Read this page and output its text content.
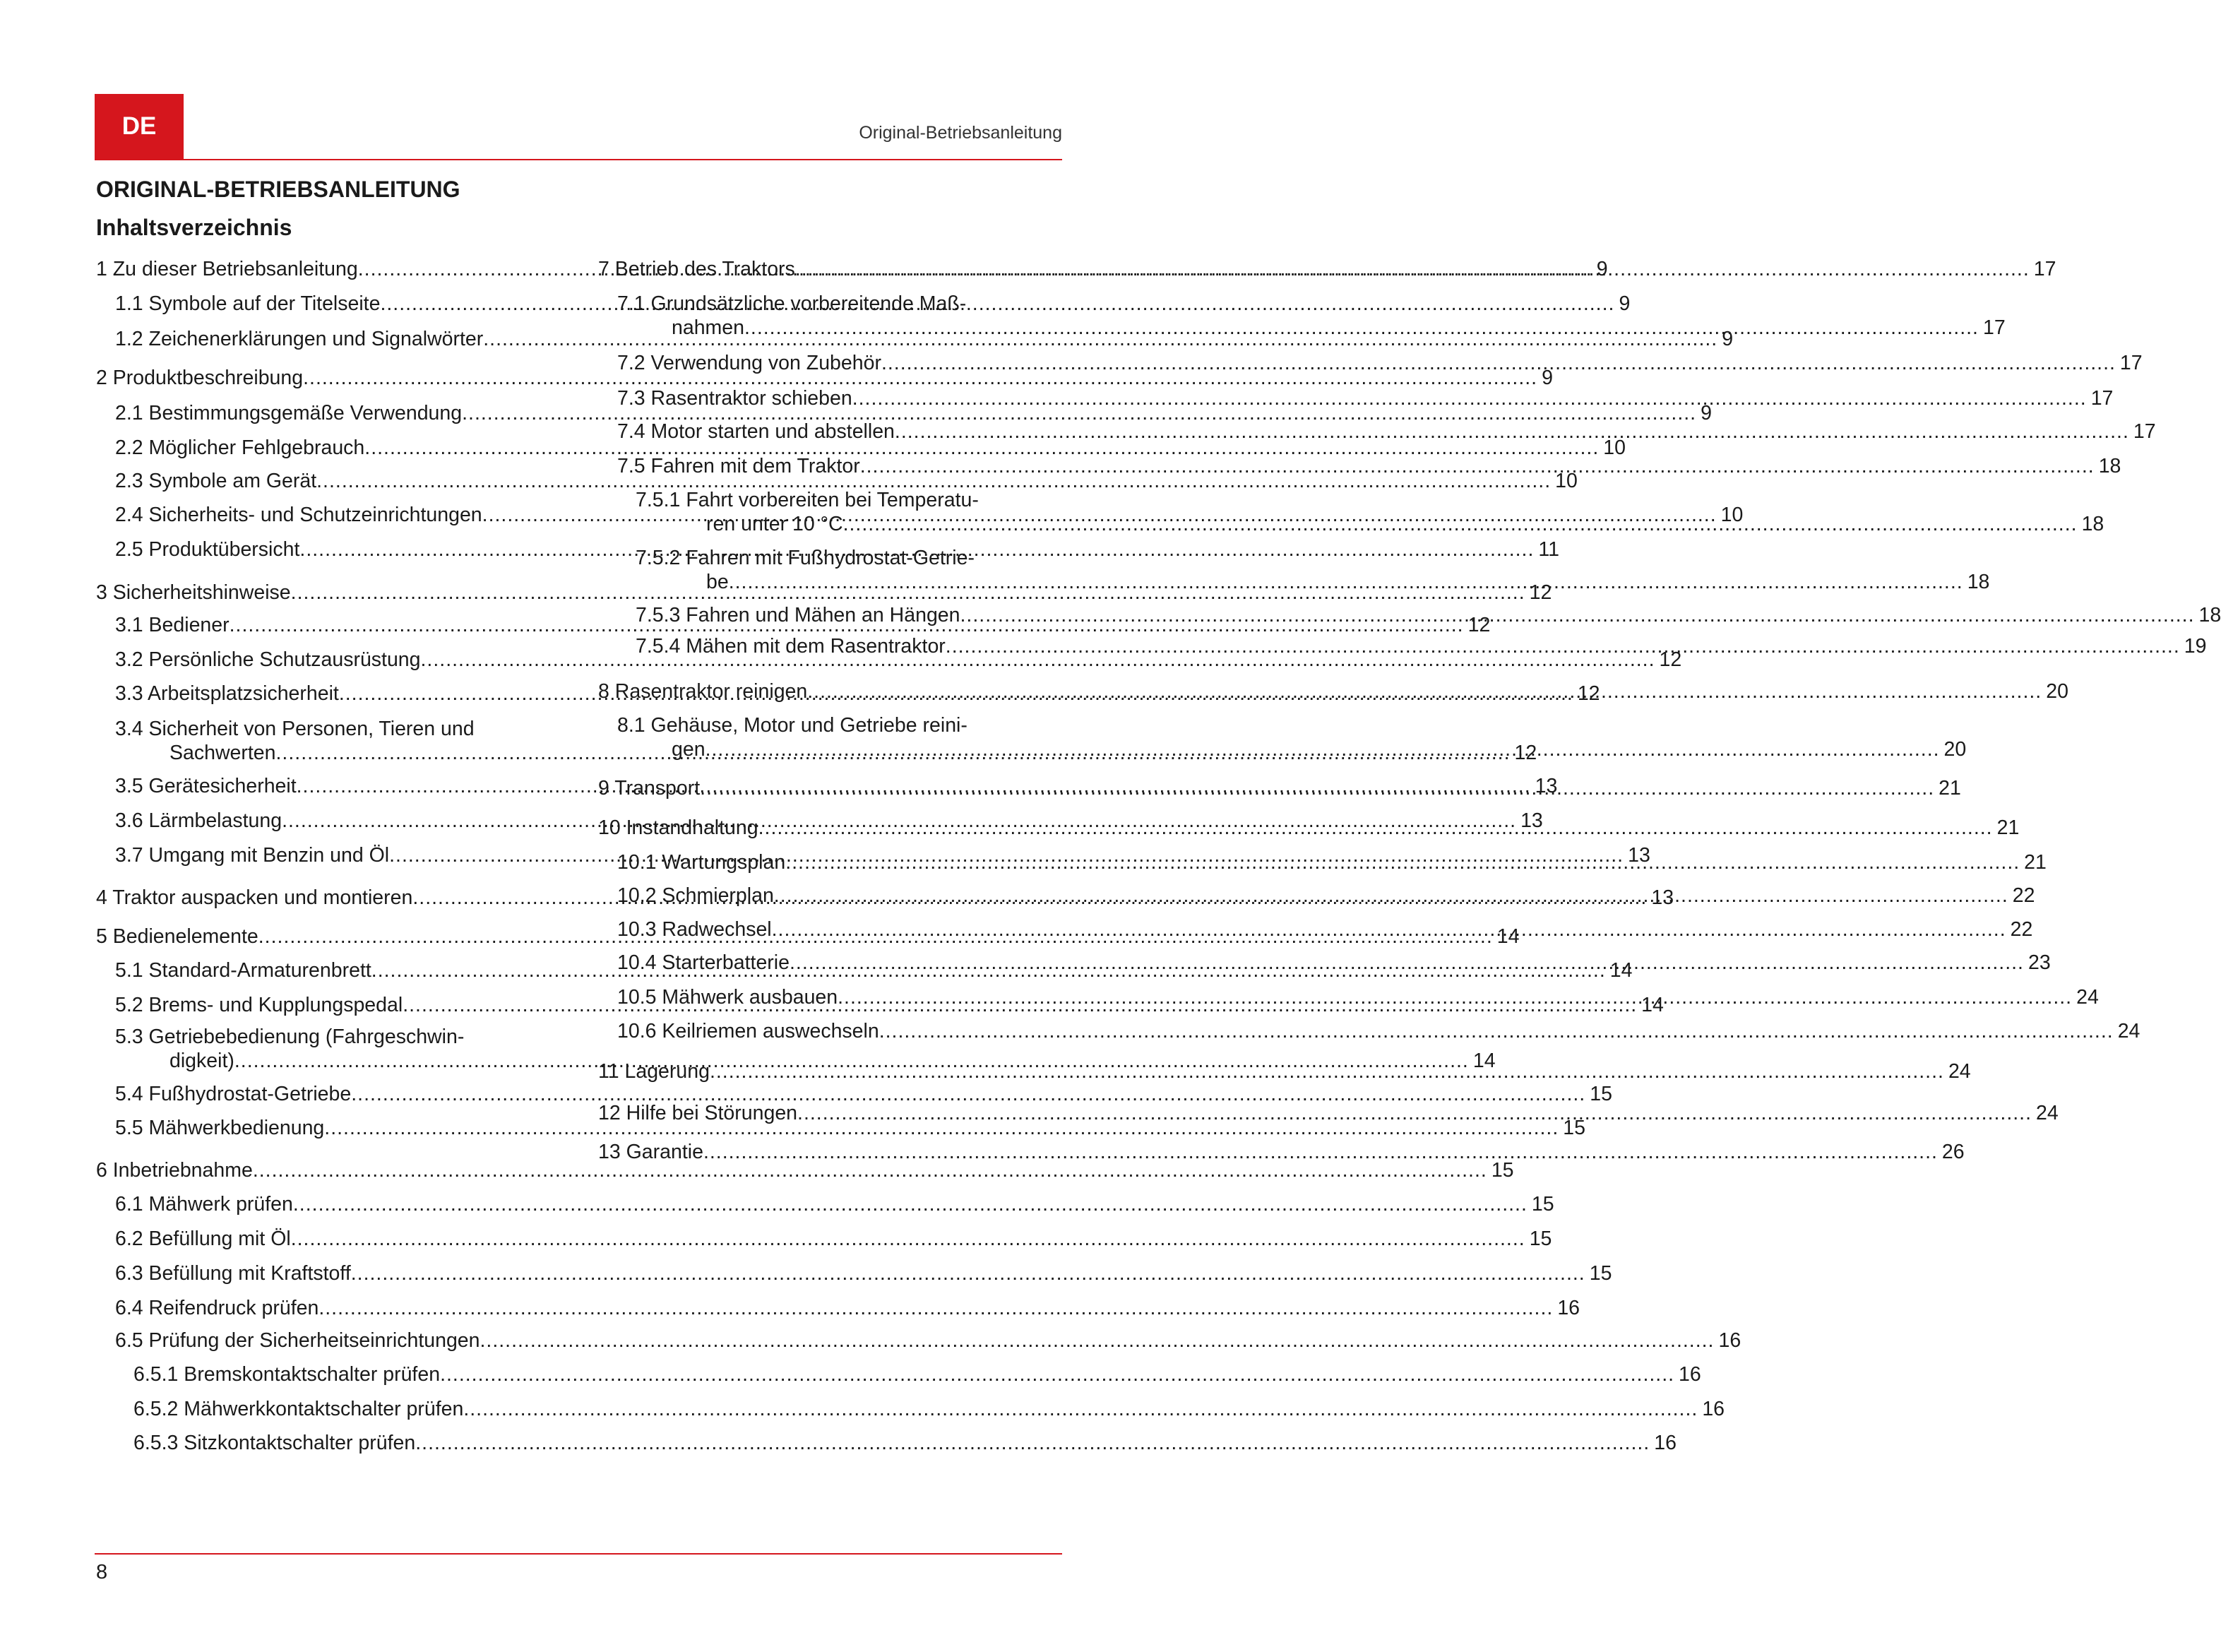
DE	Original-Betriebsanleitung
ORIGINAL-BETRIEBSANLEITUNG
Inhaltsverzeichnis
1 Zu dieser Betriebsanleitung .....	9
1.1 Symbole auf der Titelseite .....	9
1.2 Zeichenerklärungen und Signalwörter .....	9
2 Produktbeschreibung .....	9
2.1 Bestimmungsgemäße Verwendung .....	9
2.2 Möglicher Fehlgebrauch .....	10
2.3 Symbole am Gerät .....	10
2.4 Sicherheits- und Schutzeinrichtungen .....	10
2.5 Produktübersicht .....	11
3 Sicherheitshinweise .....	12
3.1 Bediener .....	12
3.2 Persönliche Schutzausrüstung .....	12
3.3 Arbeitsplatzsicherheit .....	12
3.4 Sicherheit von Personen, Tieren und
Sachwerten .....	12
3.5 Gerätesicherheit .....	13
3.6 Lärmbelastung .....	13
3.7 Umgang mit Benzin und Öl .....	13
4 Traktor auspacken und montieren .....	13
5 Bedienelemente .....	14
5.1 Standard-Armaturenbrett .....	14
5.2 Brems- und Kupplungspedal .....	14
5.3 Getriebebedienung (Fahrgeschwin-
digkeit) .....	14
5.4 Fußhydrostat-Getriebe .....	15
5.5 Mähwerkbedienung .....	15
6 Inbetriebnahme .....	15
6.1 Mähwerk prüfen .....	15
6.2 Befüllung mit Öl .....	15
6.3 Befüllung mit Kraftstoff .....	15
6.4 Reifendruck prüfen .....	16
6.5 Prüfung der Sicherheitseinrichtungen .....	16
6.5.1 Bremskontaktschalter prüfen .....	16
6.5.2 Mähwerkkontaktschalter prüfen .....	16
6.5.3 Sitzkontaktschalter prüfen .....	16
7 Betrieb des Traktors .....	17
7.1 Grundsätzliche vorbereitende Maß-
nahmen .....	17
7.2 Verwendung von Zubehör .....	17
7.3 Rasentraktor schieben .....	17
7.4 Motor starten und abstellen .....	17
7.5 Fahren mit dem Traktor .....	18
7.5.1 Fahrt vorbereiten bei Temperatu-
ren unter 10 °C .....	18
7.5.2 Fahren mit Fußhydrostat-Getrie-
be .....	18
7.5.3 Fahren und Mähen an Hängen .....	18
7.5.4 Mähen mit dem Rasentraktor .....	19
8 Rasentraktor reinigen .....	20
8.1 Gehäuse, Motor und Getriebe reini-
gen .....	20
9 Transport .....	21
10 Instandhaltung .....	21
10.1 Wartungsplan .....	21
10.2 Schmierplan .....	22
10.3 Radwechsel .....	22
10.4 Starterbatterie .....	23
10.5 Mähwerk ausbauen .....	24
10.6 Keilriemen auswechseln .....	24
11 Lagerung .....	24
12 Hilfe bei Störungen .....	24
13 Garantie .....	26
8
